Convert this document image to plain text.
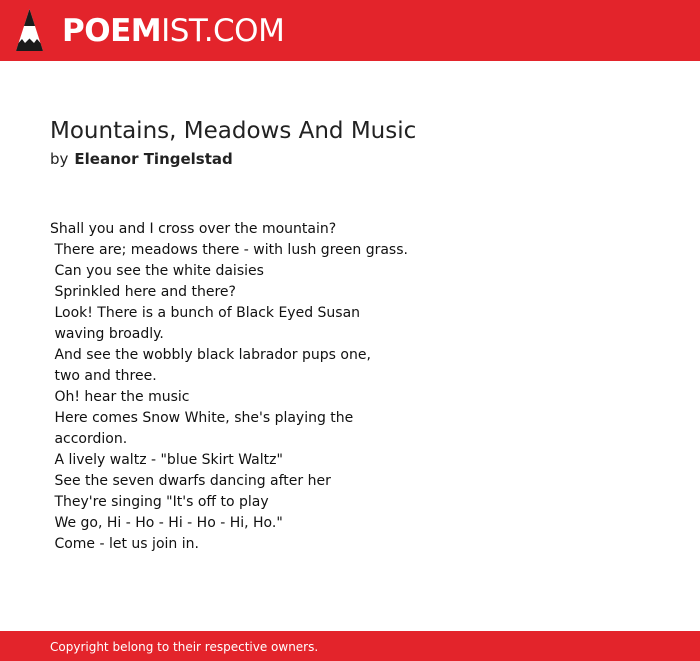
POEMIST.COM
Mountains, Meadows And Music
by Eleanor Tingelstad
Shall you and I cross over the mountain?
There are; meadows there - with lush green grass.
Can you see the white daisies
Sprinkled here and there?
Look! There is a bunch of Black Eyed Susan
waving broadly.
And see the wobbly black labrador pups one,
two and three.
Oh! hear the music
Here comes Snow White, she's playing the
accordion.
A lively waltz - "blue Skirt Waltz"
See the seven dwarfs dancing after her
They're singing "It's off to play
We go, Hi - Ho - Hi - Ho - Hi, Ho."
Come - let us join in.
Copyright belong to their respective owners.
